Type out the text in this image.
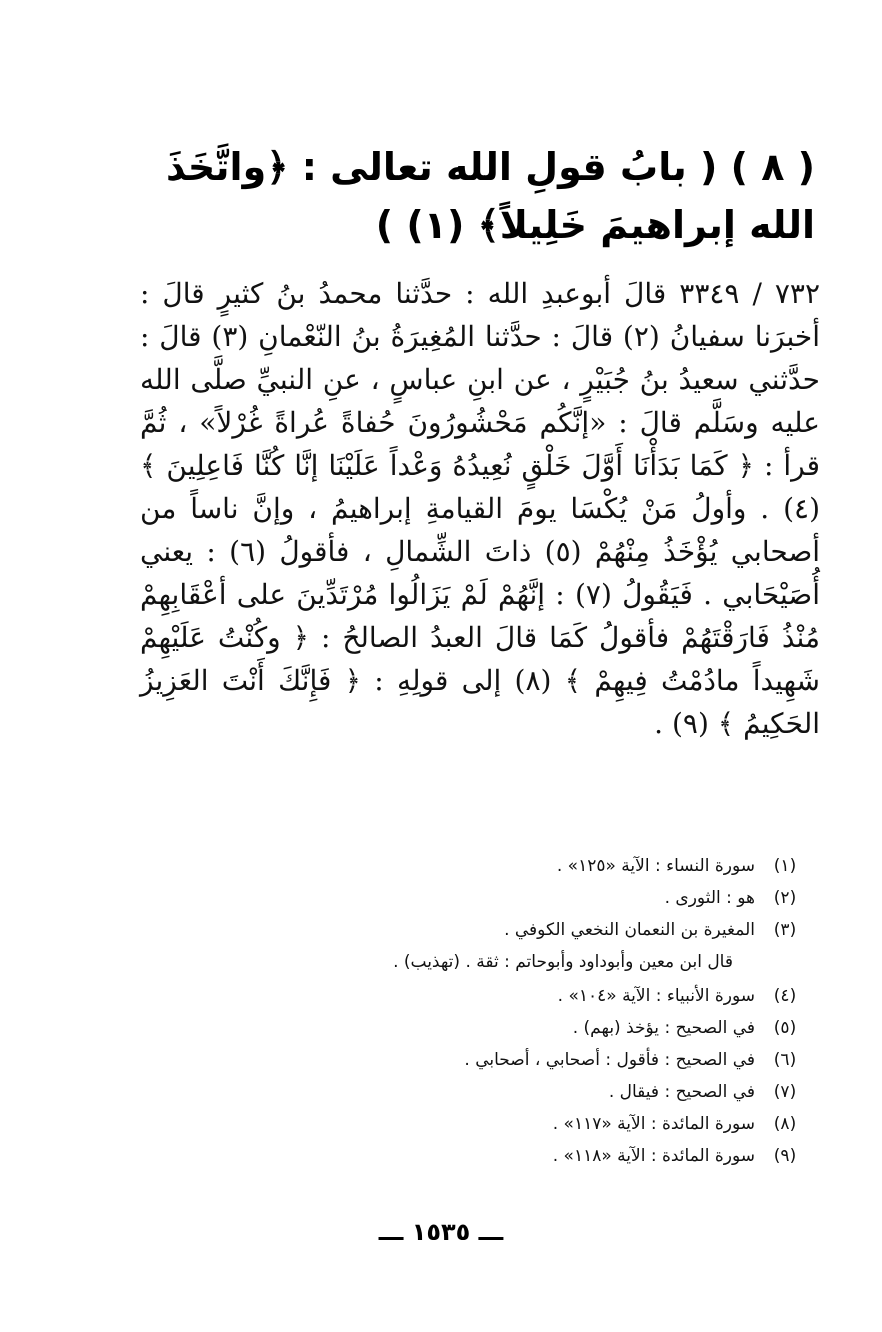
( ٨ ) ( بابُ قولِ الله تعالى : ﴿واتَّخَذَ الله إبراهيمَ خَلِيلاً﴾ (١) )
٧٣٢ / ٣٣٤٩ قالَ أبوعبدِ الله : حدَّثنا محمدُ بنُ كثيرٍ قالَ : أخبرَنا سفيانُ (٢) قالَ : حدَّثنا المُغِيرَةُ بنُ النّعْمانِ (٣) قالَ : حدَّثني سعيدُ بنُ جُبَيْرٍ ، عن ابنِ عباسٍ ، عنِ النبيِّ صلَّى الله عليه وسَلَّم قالَ : «إنَّكُم مَحْشُورُونَ حُفاةً عُراةً غُرْلاً» ، ثُمَّ قرأ : ﴿ كَمَا بَدَأْنَا أَوَّلَ خَلْقٍ نُعِيدُهُ وَعْداً عَلَيْنَا إنَّا كُنَّا فَاعِلِينَ ﴾ (٤) . وأولُ مَنْ يُكْسَا يومَ القيامةِ إبراهيمُ ، وإنَّ ناساً من أصحابي يُؤْخَذُ مِنْهُمْ (٥) ذاتَ الشِّمالِ ، فأقولُ (٦) : يعني أُصَيْحَابي . فَيَقُولُ (٧) : إنَّهُمْ لَمْ يَزَالُوا مُرْتَدِّينَ على أعْقَابِهِمْ مُنْذُ فَارَقْتَهُمْ فأقولُ كَمَا قالَ العبدُ الصالحُ : ﴿ وكُنْتُ عَلَيْهِمْ شَهِيداً مادُمْتُ فِيهِمْ ﴾ (٨) إلى قولِهِ : ﴿ فَإِنَّكَ أَنْتَ العَزِيزُ الحَكِيمُ ﴾ (٩) .
(١)
سورة النساء : الآية «١٢٥» .
(٢)
هو : الثورى .
(٣)
المغيرة بن النعمان النخعي الكوفي .
قال ابن معين وأبوداود وأبوحاتم : ثقة . (تهذيب) .
(٤)
سورة الأنبياء : الآية «١٠٤» .
(٥)
في الصحيح : يؤخذ (بهم) .
(٦)
في الصحيح : فأقول : أصحابي ، أصحابي .
(٧)
في الصحيح : فيقال .
(٨)
سورة المائدة : الآية «١١٧» .
(٩)
سورة المائدة : الآية «١١٨» .
ـــ ١٥٣٥ ـــ
